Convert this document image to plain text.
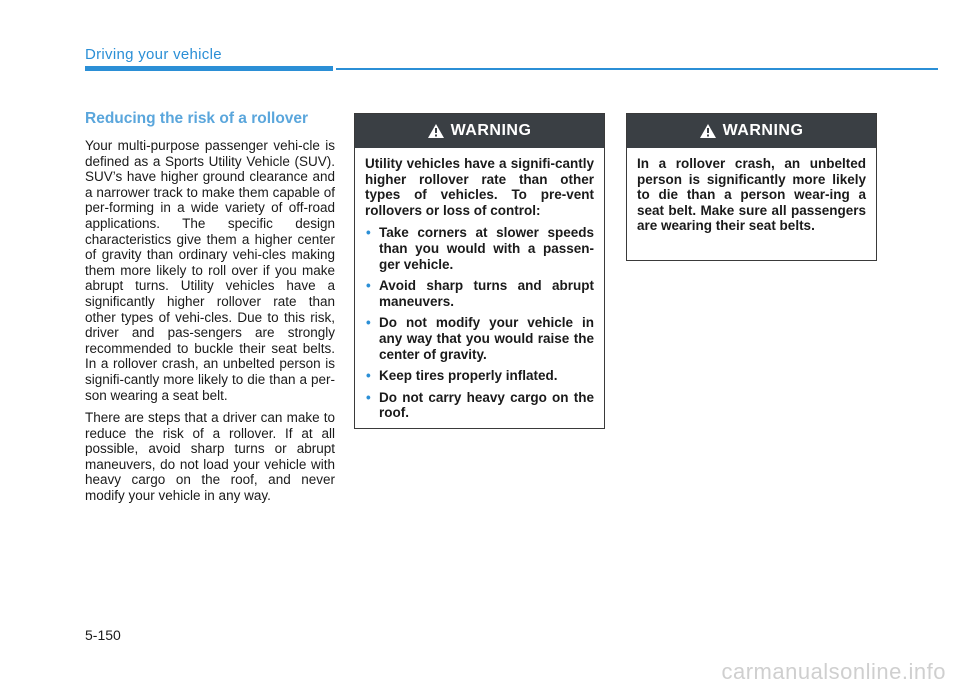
Driving your vehicle
Reducing the risk of a rollover

Your multi-purpose passenger vehi-cle is defined as a Sports Utility Vehicle (SUV). SUV’s have higher ground clearance and a narrower track to make them capable of per-forming in a wide variety of off-road applications. The specific design characteristics give them a higher center of gravity than ordinary vehi-cles making them more likely to roll over if you make abrupt turns. Utility vehicles have a significantly higher rollover rate than other types of vehi-cles. Due to this risk, driver and pas-sengers are strongly recommended to buckle their seat belts. In a rollover crash, an unbelted person is signifi-cantly more likely to die than a per-son wearing a seat belt.

There are steps that a driver can make to reduce the risk of a rollover. If at all possible, avoid sharp turns or abrupt maneuvers, do not load your vehicle with heavy cargo on the roof, and never modify your vehicle in any way.

WARNING

Utility vehicles have a signifi-cantly higher rollover rate than other types of vehicles. To pre-vent rollovers or loss of control:

• Take corners at slower speeds than you would with a passen-ger vehicle.
• Avoid sharp turns and abrupt maneuvers.
• Do not modify your vehicle in any way that you would raise the center of gravity.
• Keep tires properly inflated.
• Do not carry heavy cargo on the roof.
WARNING

In a rollover crash, an unbelted person is significantly more likely to die than a person wear-ing a seat belt. Make sure all passengers are wearing their seat belts.

5-150
carmanualsonline.info
